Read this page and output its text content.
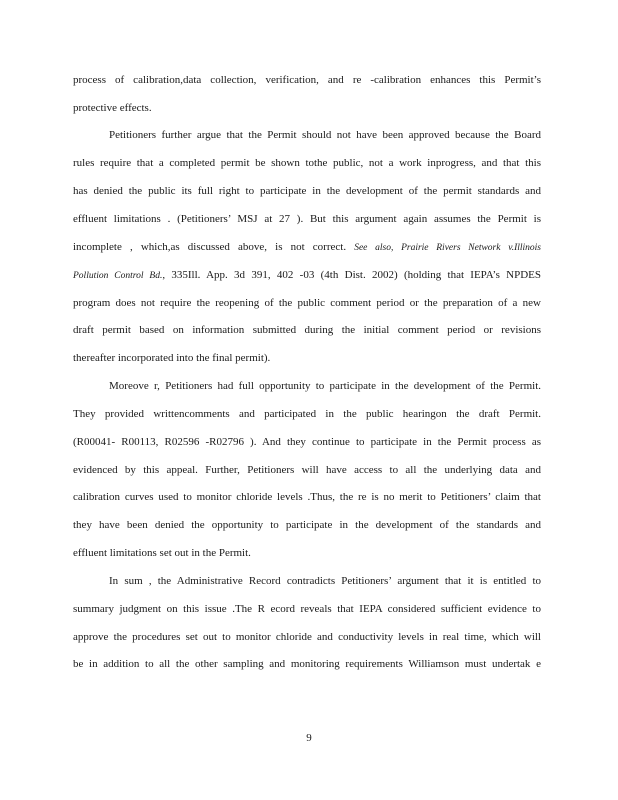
process of calibration,data collection, verification, and re -calibration enhances this Permit’s
protective effects.
Petitioners further argue that the Permit should not have been approved because the Board
rules require that a completed permit be shown tothe public, not a work inprogress, and that this
has denied the public its full right to participate in the development of the permit standards and
effluent limitations . (Petitioners’ MSJ at 27 ). But this argument again assumes the Permit is
incomplete , which,as discussed above, is not correct. See also, Prairie Rivers Network v.Illinois
Pollution Control Bd., 335Ill. App. 3d 391, 402 -03 (4th Dist. 2002) (holding that IEPA’s NPDES
program does not require the reopening of the public comment period or the preparation of a new
draft permit based on information submitted during the initial comment period or revisions
thereafter incorporated into the final permit).
Moreove r, Petitioners had full opportunity to participate in the development of the Permit.
They provided writtencomments and participated in the public hearingon the draft Permit.
(R00041- R00113, R02596 -R02796 ). And they continue to participate in the Permit process as
evidenced by this appeal. Further, Petitioners will have access to all the underlying data and
calibration curves used to monitor chloride levels .Thus, the re is no merit to Petitioners’ claim that
they have been denied the opportunity to participate in the development of the standards and
effluent limitations set out in the Permit.
In sum , the Administrative Record contradicts Petitioners’ argument that it is entitled to
summary judgment on this issue .The R ecord reveals that IEPA considered sufficient evidence to
approve the procedures set out to monitor chloride and conductivity levels in real time, which will
be in addition to all the other sampling and monitoring requirements Williamson must undertak e
9
